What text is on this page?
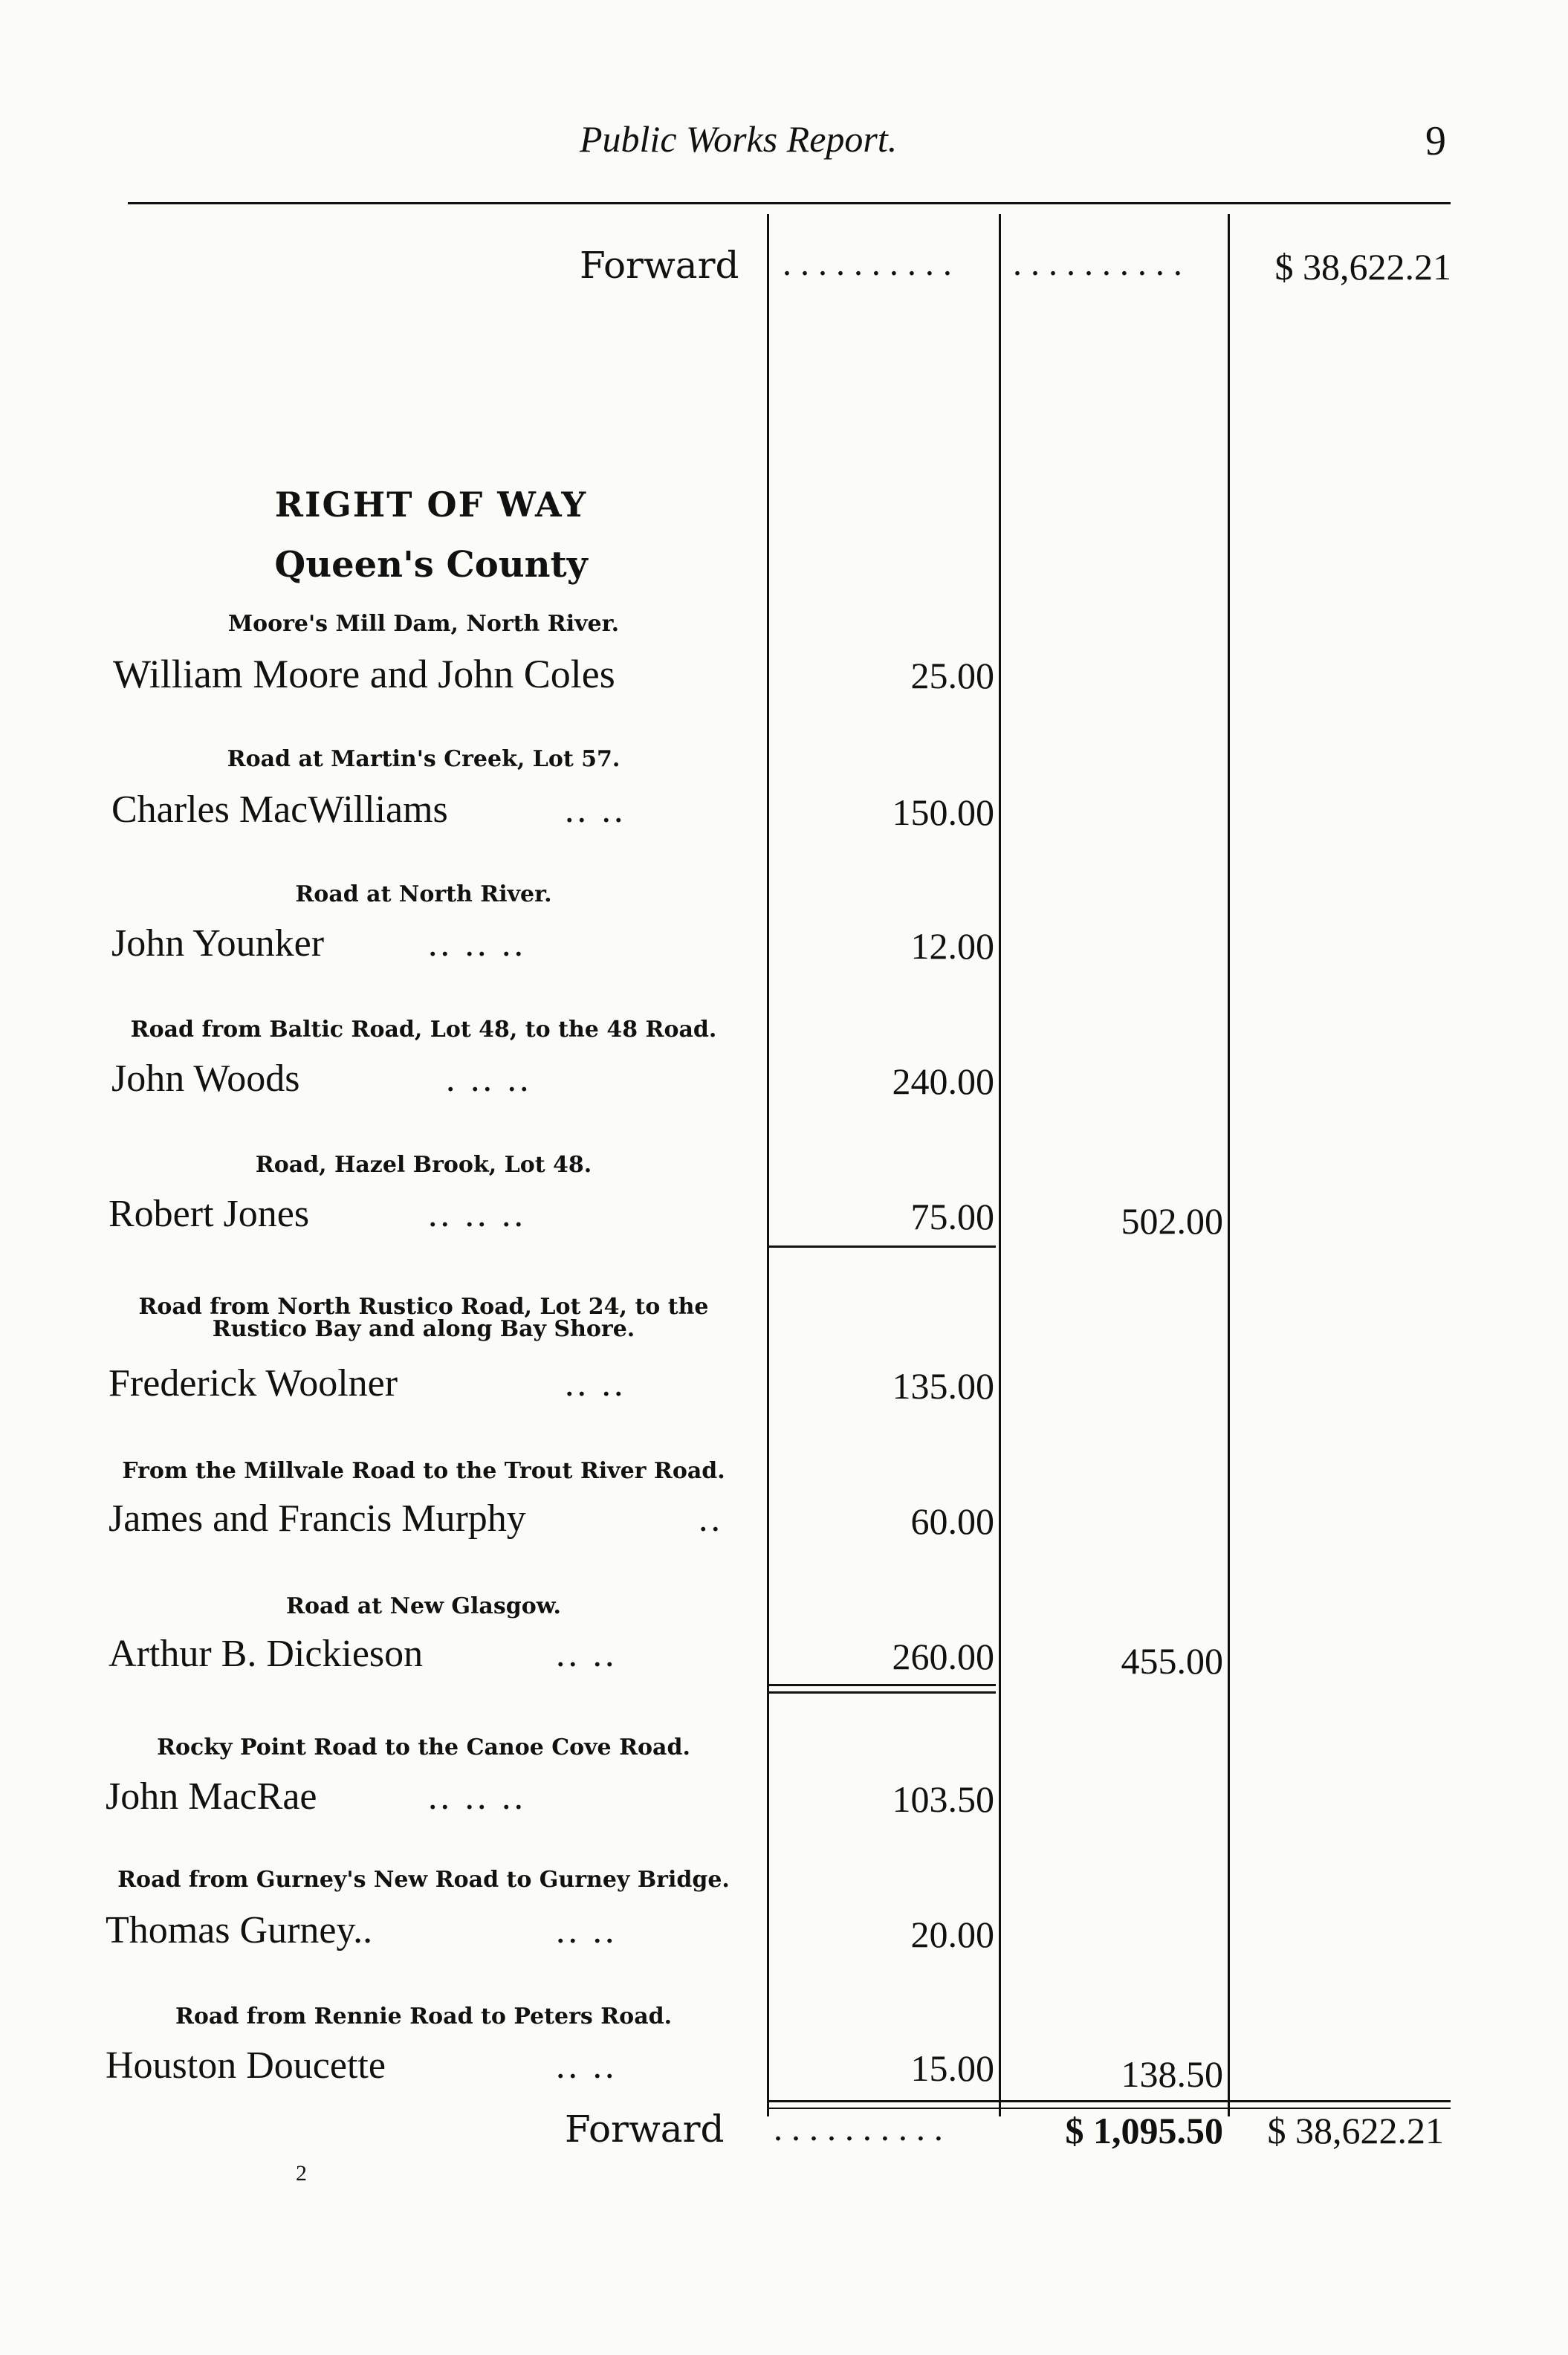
Public Works Report.	9
Forward .......... ..........	$ 38,622.21
RIGHT OF WAY
Queen's County
Moore's Mill Dam, North River.
William Moore and John Coles	25.00
Road at Martin's Creek, Lot 57.
Charles MacWilliams	.. ..	150.00
Road at North River.
John Younker	.. .. ..	12.00
Road from Baltic Road, Lot 48, to the 48 Road.
John Woods	. .. ..	240.00
Road, Hazel Brook, Lot 48.
Robert Jones	.. .. ..	75.00	502.00
Road from North Rustico Road, Lot 24, to the Rustico Bay and along Bay Shore.
Frederick Woolner	.. ..	135.00
From the Millvale Road to the Trout River Road.
James and Francis Murphy	..	60.00
Road at New Glasgow.
Arthur B. Dickieson	.. ..	260.00	455.00
Rocky Point Road to the Canoe Cove Road.
John MacRae	.. .. ..	103.50
Road from Gurney's New Road to Gurney Bridge.
Thomas Gurney..	.. ..	20.00
Road from Rennie Road to Peters Road.
Houston Doucette	.. ..	15.00	138.50
Forward ..........	$ 1,095.50	$ 38,622.21
2
